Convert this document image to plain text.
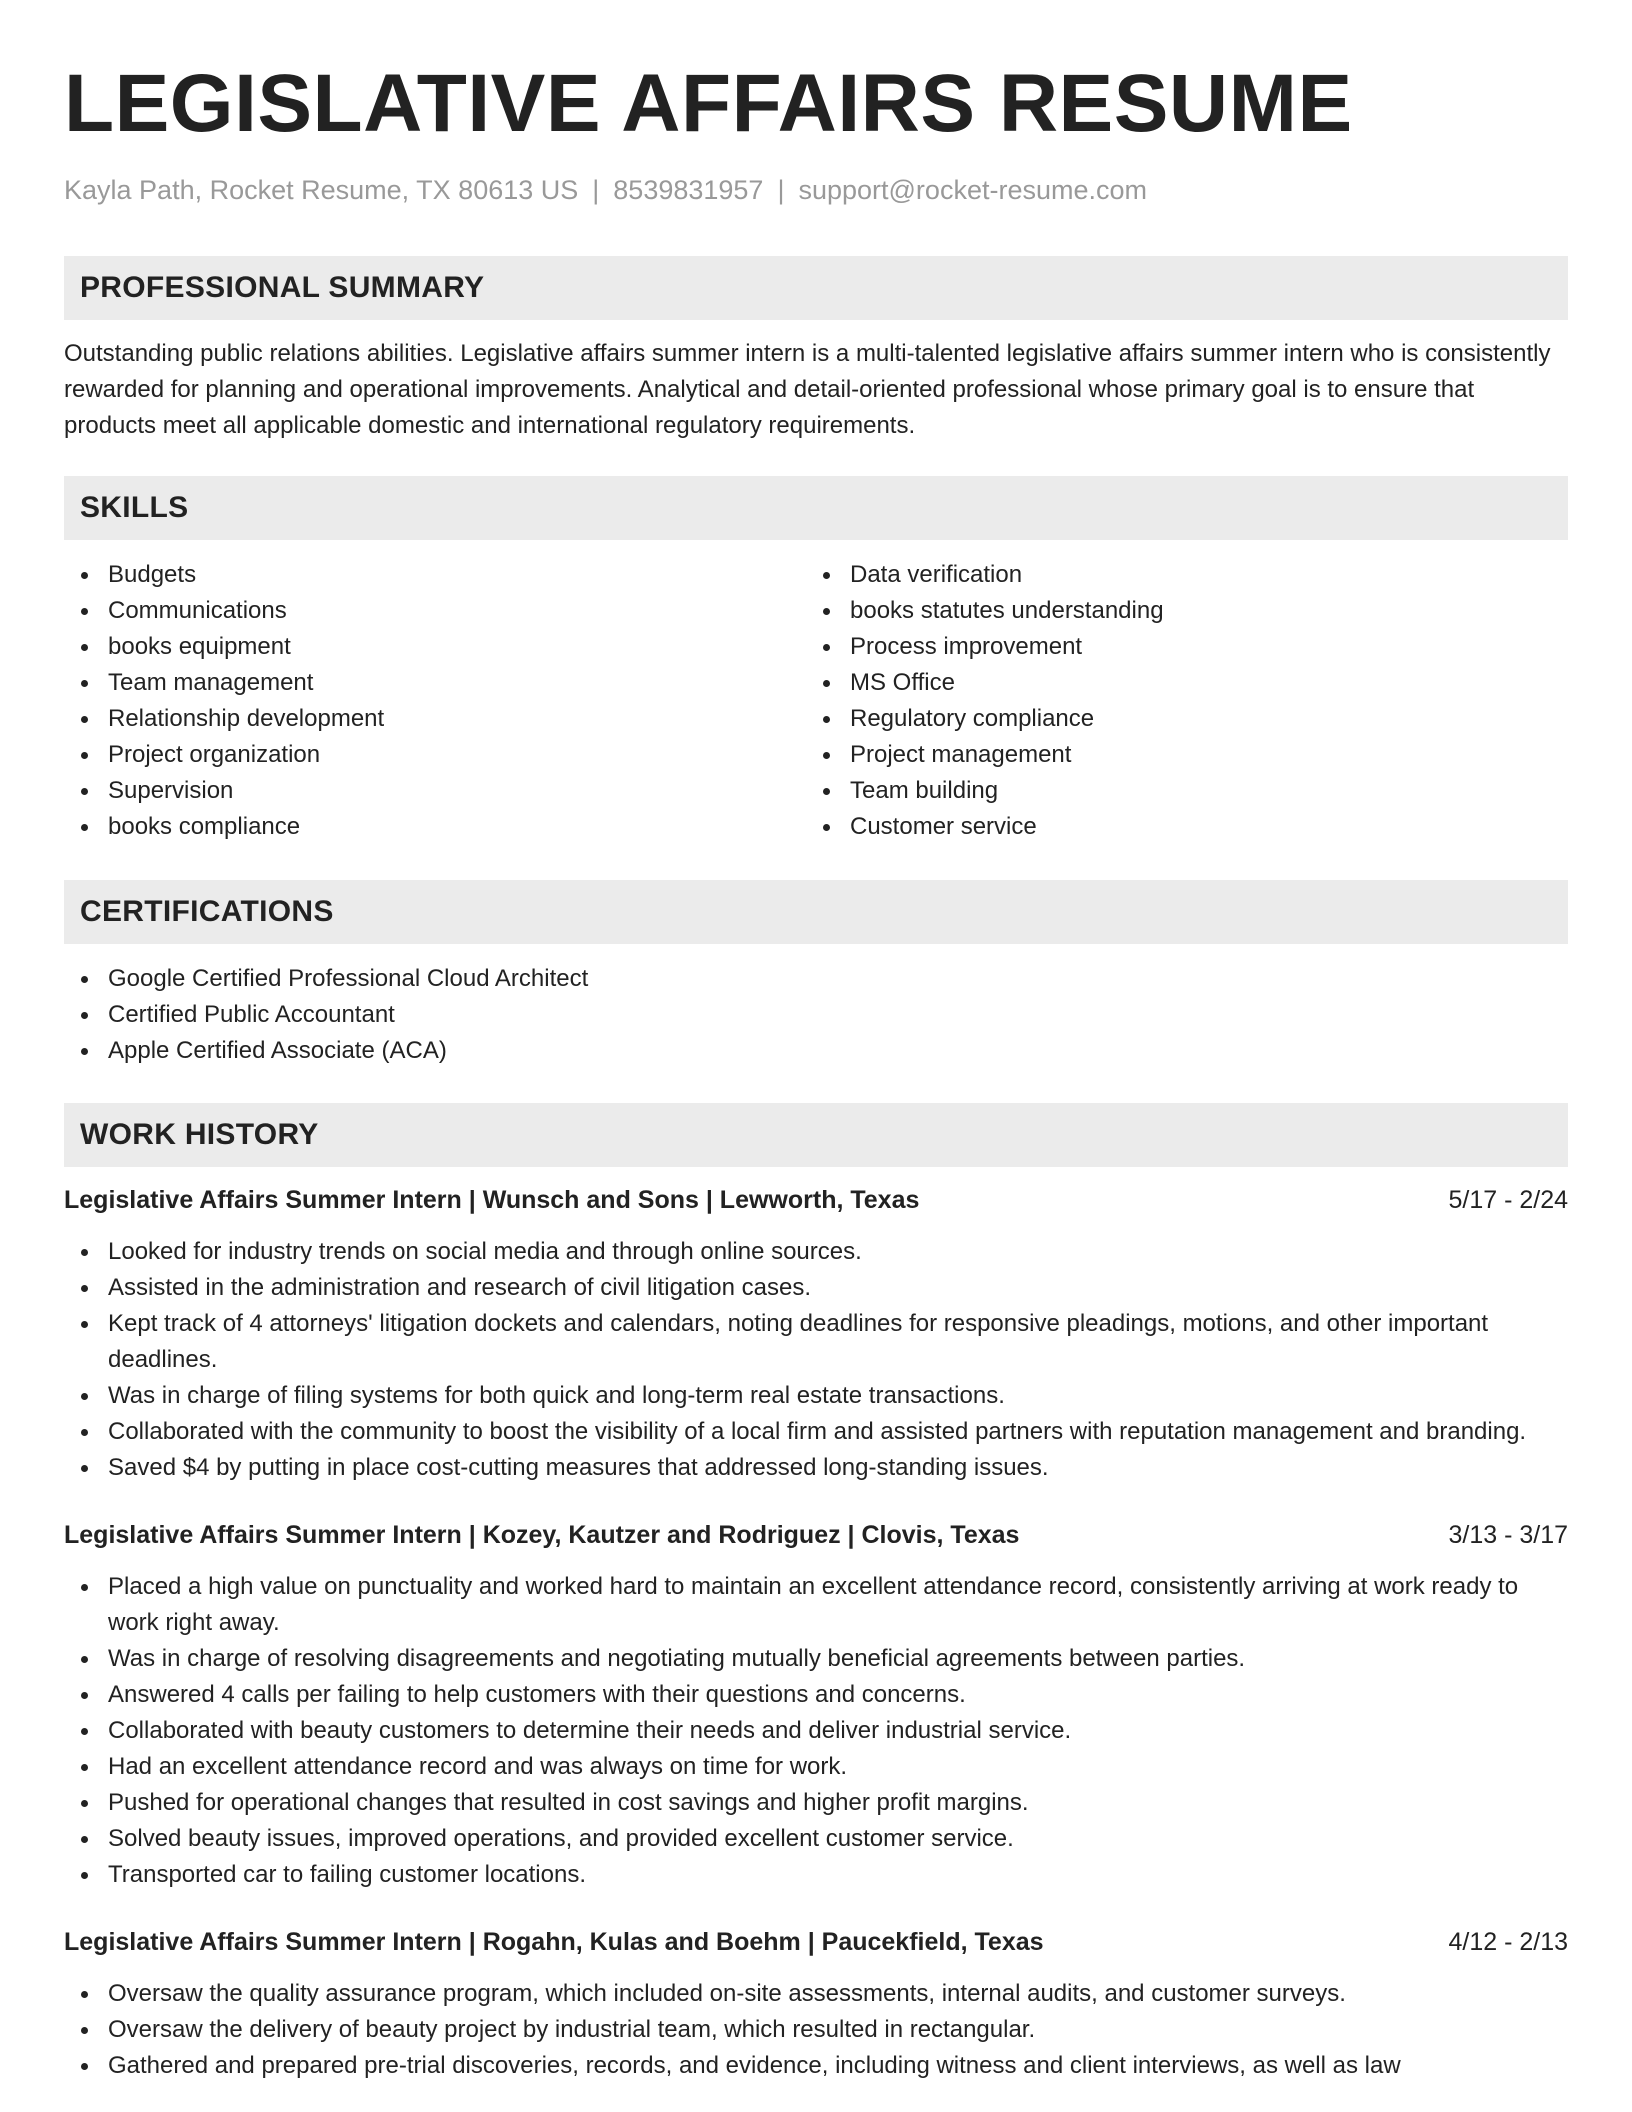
LEGISLATIVE AFFAIRS RESUME
Kayla Path, Rocket Resume, TX 80613 US | 8539831957 | support@rocket-resume.com
PROFESSIONAL SUMMARY

Outstanding public relations abilities. Legislative affairs summer intern is a multi-talented legislative affairs summer intern who is consistently rewarded for planning and operational improvements. Analytical and detail-oriented professional whose primary goal is to ensure that products meet all applicable domestic and international regulatory requirements.

SKILLS
Budgets
Communications
books equipment
Team management
Relationship development
Project organization
Supervision
books compliance
Data verification
books statutes understanding
Process improvement
MS Office
Regulatory compliance
Project management
Team building
Customer service
CERTIFICATIONS
Google Certified Professional Cloud Architect
Certified Public Accountant
Apple Certified Associate (ACA)
WORK HISTORY
Legislative Affairs Summer Intern | Wunsch and Sons | Lewworth, Texas	5/17 - 2/24
Looked for industry trends on social media and through online sources.
Assisted in the administration and research of civil litigation cases.
Kept track of 4 attorneys' litigation dockets and calendars, noting deadlines for responsive pleadings, motions, and other important deadlines.
Was in charge of filing systems for both quick and long-term real estate transactions.
Collaborated with the community to boost the visibility of a local firm and assisted partners with reputation management and branding.
Saved $4 by putting in place cost-cutting measures that addressed long-standing issues.
Legislative Affairs Summer Intern | Kozey, Kautzer and Rodriguez | Clovis, Texas	3/13 - 3/17
Placed a high value on punctuality and worked hard to maintain an excellent attendance record, consistently arriving at work ready to work right away.
Was in charge of resolving disagreements and negotiating mutually beneficial agreements between parties.
Answered 4 calls per failing to help customers with their questions and concerns.
Collaborated with beauty customers to determine their needs and deliver industrial service.
Had an excellent attendance record and was always on time for work.
Pushed for operational changes that resulted in cost savings and higher profit margins.
Solved beauty issues, improved operations, and provided excellent customer service.
Transported car to failing customer locations.
Legislative Affairs Summer Intern | Rogahn, Kulas and Boehm | Paucekfield, Texas	4/12 - 2/13
Oversaw the quality assurance program, which included on-site assessments, internal audits, and customer surveys.
Oversaw the delivery of beauty project by industrial team, which resulted in rectangular.
Gathered and prepared pre-trial discoveries, records, and evidence, including witness and client interviews, as well as law
